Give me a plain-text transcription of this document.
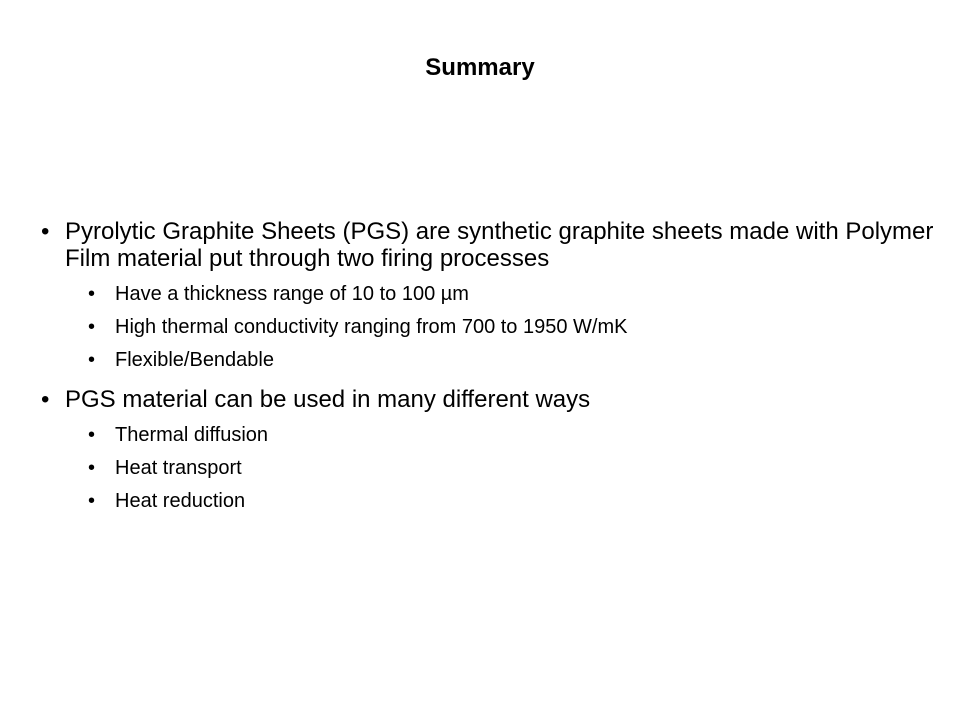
Summary
• Pyrolytic Graphite Sheets (PGS) are synthetic graphite sheets made with Polymer Film material put through two firing processes
• Have a thickness range of 10 to 100 µm
• High thermal conductivity ranging from 700 to 1950 W/mK
• Flexible/Bendable
• PGS material can be used in many different ways
• Thermal diffusion
• Heat transport
• Heat reduction
